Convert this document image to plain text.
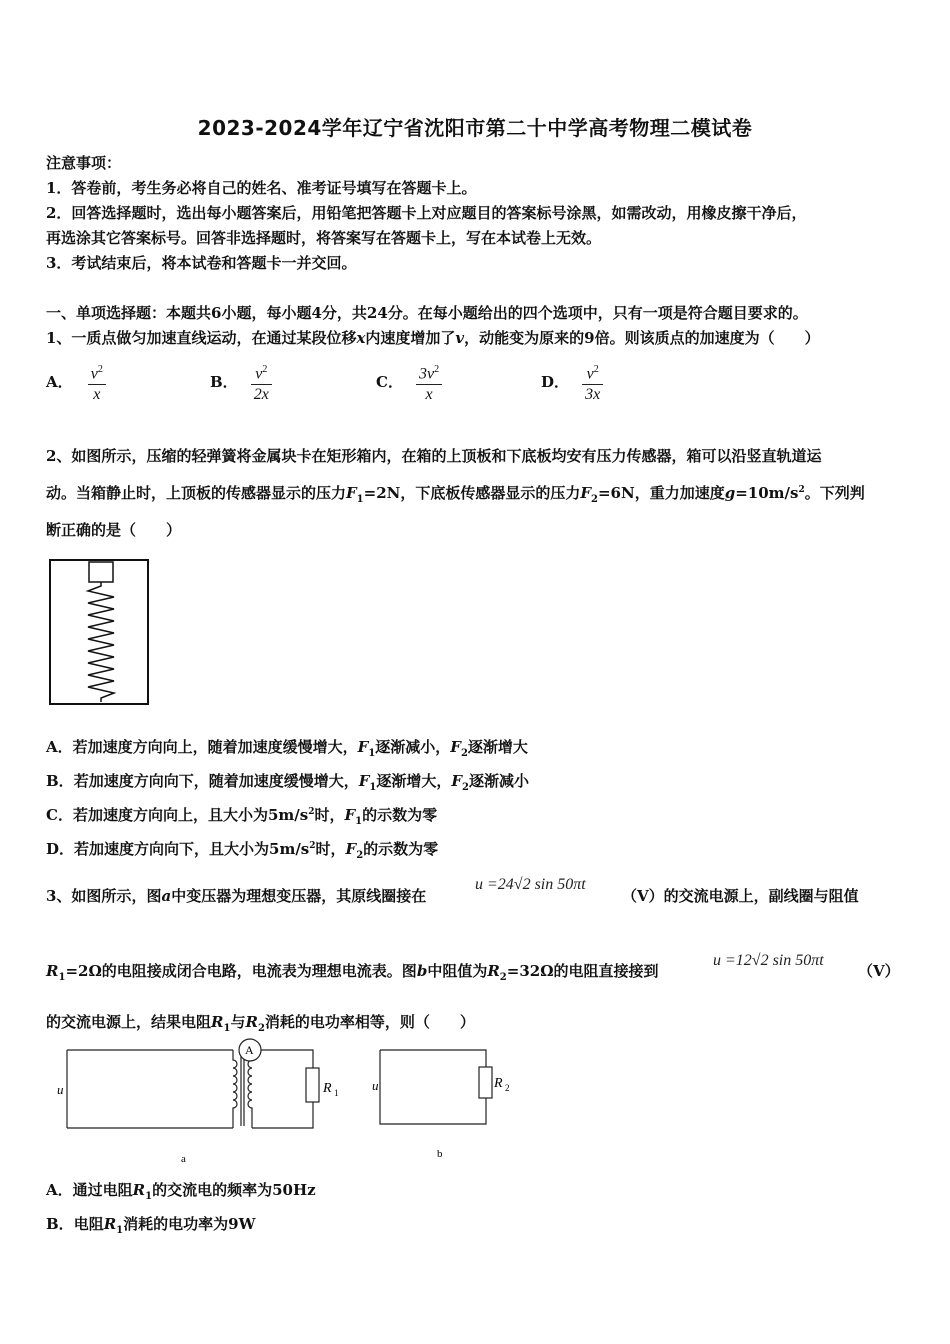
2023-2024学年辽宁省沈阳市第二十中学高考物理二模试卷
注意事项：
1．答卷前，考生务必将自己的姓名、准考证号填写在答题卡上。
2．回答选择题时，选出每小题答案后，用铅笔把答题卡上对应题目的答案标号涂黑，如需改动，用橡皮擦干净后，
再选涂其它答案标号。回答非选择题时，将答案写在答题卡上，写在本试卷上无效。
3．考试结束后，将本试卷和答题卡一并交回。
一、单项选择题：本题共6小题，每小题4分，共24分。在每小题给出的四个选项中，只有一项是符合题目要求的。
1、一质点做匀加速直线运动，在通过某段位移x内速度增加了v，动能变为原来的9倍。则该质点的加速度为（　　）
A． $\frac{v^2}{x}$	B． $\frac{v^2}{2x}$	C． $\frac{3v^2}{x}$	D． $\frac{v^2}{3x}$
2、如图所示，压缩的轻弹簧将金属块卡在矩形箱内，在箱的上顶板和下底板均安有压力传感器，箱可以沿竖直轨道运
动。当箱静止时，上顶板的传感器显示的压力$F_1=2N$，下底板传感器显示的压力$F_2=6N$，重力加速度$g=10m/s^2$。下列判
断正确的是（　　）
A．若加速度方向向上，随着加速度缓慢增大，$F_1$逐渐减小，$F_2$逐渐增大
B．若加速度方向向下，随着加速度缓慢增大，$F_1$逐渐增大，$F_2$逐渐减小
C．若加速度方向向上，且大小为$5m/s^2$时，$F_1$的示数为零
D．若加速度方向向下，且大小为$5m/s^2$时，$F_2$的示数为零
3、如图所示，图a中变压器为理想变压器，其原线圈接在
u =24√2 sin 50πt
（V）的交流电源上，副线圈与阻值
$R_1=2\Omega$的电阻接成闭合电路，电流表为理想电流表。图b中阻值为$R_2=32\Omega$的电阻直接接到
u =12√2 sin 50πt
（V）
的交流电源上，结果电阻$R_1$与$R_2$消耗的电功率相等，则（　　）
u
A
R 1
a
u	R 2
b
A．通过电阻$R_1$的交流电的频率为50Hz
B．电阻$R_1$消耗的电功率为9W
